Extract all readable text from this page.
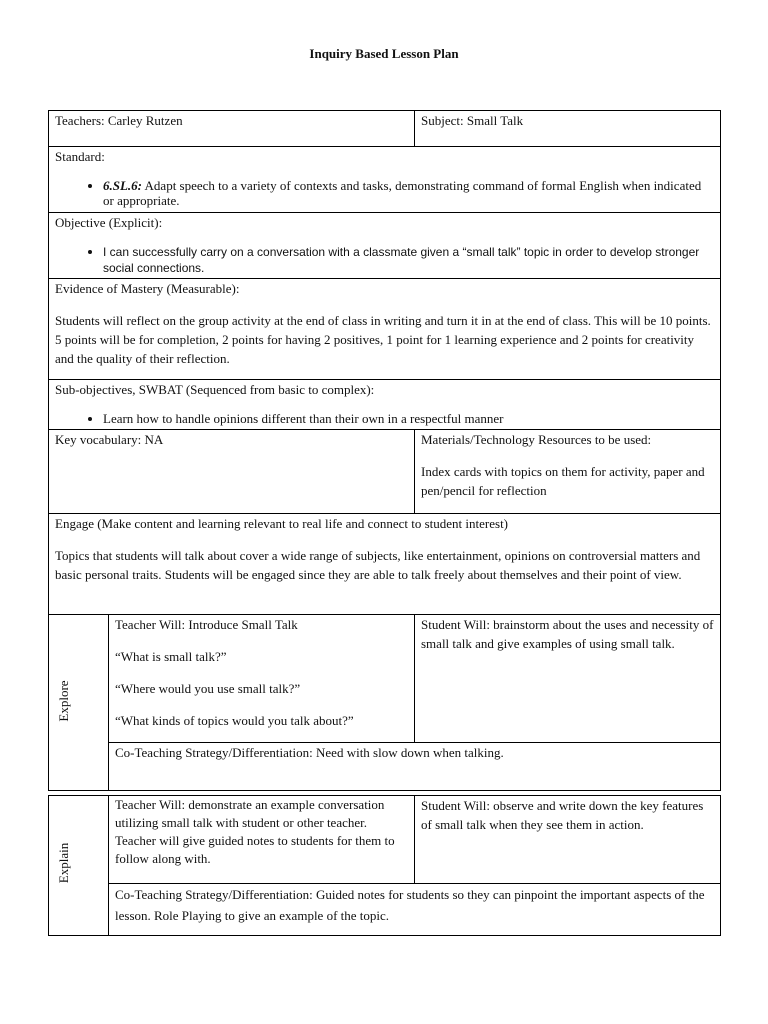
Inquiry Based Lesson Plan
Teachers: Carley Rutzen	Subject: Small Talk

Standard:

• 6.SL.6: Adapt speech to a variety of contexts and tasks, demonstrating command of formal English when indicated or appropriate.

Objective (Explicit):

• I can successfully carry on a conversation with a classmate given a “small talk” topic in order to develop stronger social connections.

Evidence of Mastery (Measurable):

Students will reflect on the group activity at the end of class in writing and turn it in at the end of class. This will be 10 points. 5 points will be for completion, 2 points for having 2 positives, 1 point for 1 learning experience and 2 points for creativity and the quality of their reflection.

Sub-objectives, SWBAT (Sequenced from basic to complex):

• Learn how to handle opinions different than their own in a respectful manner
Key vocabulary: NA	Materials/Technology Resources to be used:

Index cards with topics on them for activity, paper and pen/pencil for reflection

Engage (Make content and learning relevant to real life and connect to student interest)

Topics that students will talk about cover a wide range of subjects, like entertainment, opinions on controversial matters and basic personal traits. Students will be engaged since they are able to talk freely about themselves and their point of view.

Explore

Teacher Will: Introduce Small Talk

“What is small talk?”

“Where would you use small talk?”

“What kinds of topics would you talk about?”

Student Will: brainstorm about the uses and necessity of small talk and give examples of using small talk.
Co-Teaching Strategy/Differentiation: Need with slow down when talking.
Explain
Teacher Will: demonstrate an example conversation utilizing small talk with student or other teacher. Teacher will give guided notes to students for them to follow along with.
Student Will: observe and write down the key features of small talk when they see them in action.
Co-Teaching Strategy/Differentiation: Guided notes for students so they can pinpoint the important aspects of the lesson. Role Playing to give an example of the topic.
